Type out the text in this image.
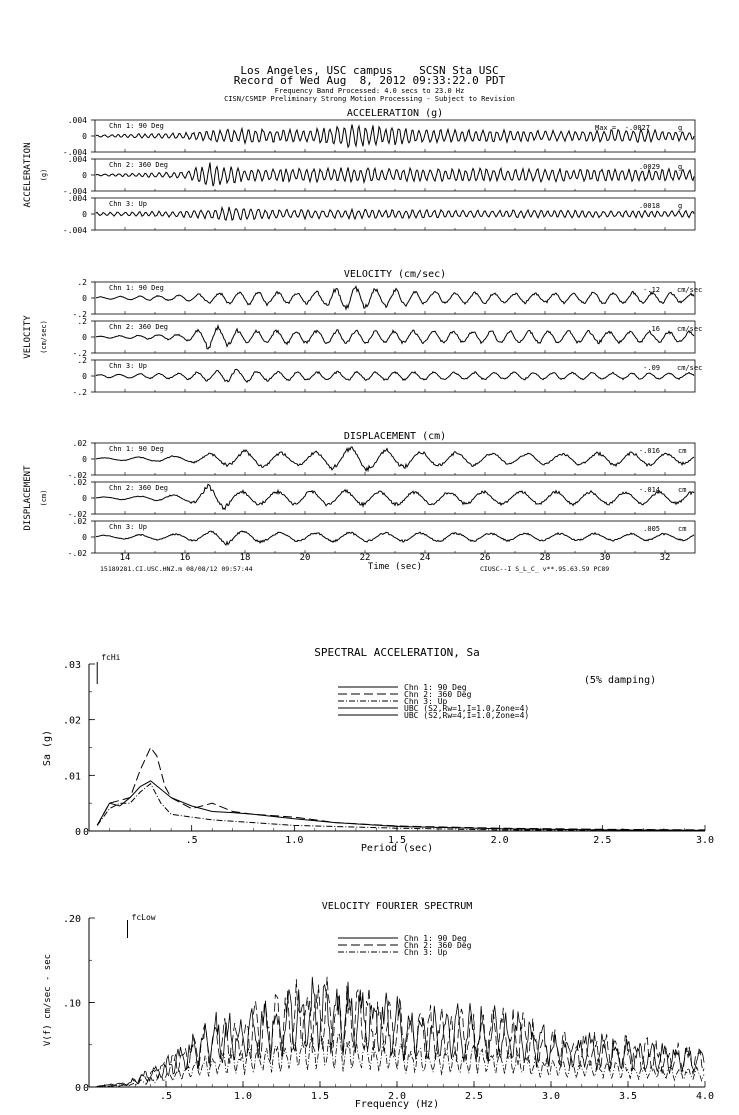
Los Angeles, USC campus    SCSN Sta USC
Record of Wed Aug  8, 2012 09:33:22.0 PDT
Frequency Band Processed: 4.0 secs to 23.0 Hz
CISN/CSMIP Preliminary Strong Motion Processing - Subject to Revision
ACCELERATION (g)
ACCELERATION (g)
.004
0
-.004
Chn 1: 90 Deg	Max = -.0027	g
.004
0
-.004
Chn 2: 360 Deg	.0029	g
.004
0
-.004
Chn 3: Up	.0018	g
VELOCITY (cm/sec)
VELOCITY (cm/sec)
.2
0
-.2
Chn 1: 90 Deg	-.12 cm/sec
.2
0
-.2
Chn 2: 360 Deg	.16 cm/sec
.2
0
-.2
Chn 3: Up	-.09 cm/sec
DISPLACEMENT (cm)
DISPLACEMENT (cm)
.02
0
-.02
Chn 1: 90 Deg	-.016	cm
.02
0
-.02
Chn 2: 360 Deg	-.014	cm
.02
0
-.02
Chn 3: Up	.005	cm
14	16	18	20	22	24	26	28	30	32
Time (sec)
15189281.CI.USC.HNZ.m 08/08/12 09:57:44	CIUSC--I S_L_C_ v**.95.63.59 PC89
SPECTRAL ACCELERATION, Sa
0
.01
.02
.03
.5	1.0	1.5	2.0	2.5	3.0
0
Period (sec)
Sa (g)
(5% damping)
fcHi
Chn 1: 90 Deg
Chn 2: 360 Deg
Chn 3: Up
UBC (S2,Rw=1,I=1.0,Zone=4)
UBC (S2,Rw=4,I=1.0,Zone=4)
VELOCITY FOURIER SPECTRUM
0
.10
.20
.5	1.0	1.5	2.0	2.5	3.0	3.5	4.0
0
Frequency (Hz)
V(f) cm/sec - sec
fcLow
Chn 1: 90 Deg
Chn 2: 360 Deg
Chn 3: Up
